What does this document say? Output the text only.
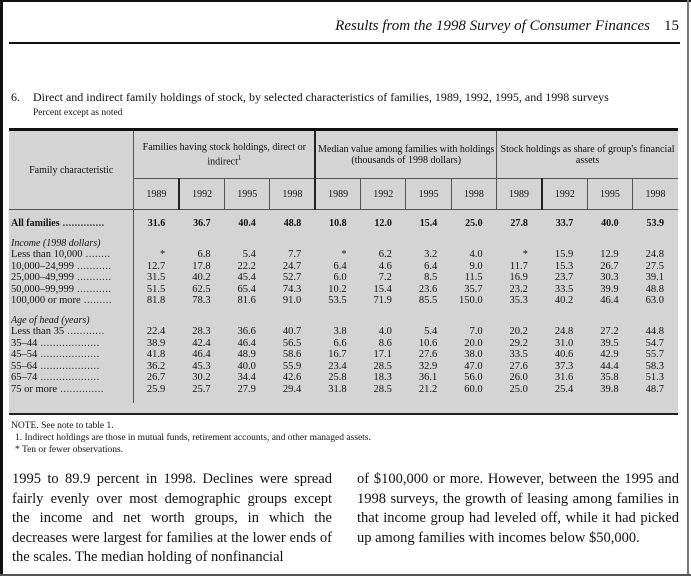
Results from the 1998 Survey of Consumer Finances 15
6. Direct and indirect family holdings of stock, by selected characteristics of families, 1989, 1992, 1995, and 1998 surveys
Percent except as noted
Family characteristic	Families having stock holdings, direct or indirect$^1$				Median value among families with holdings (thousands of 1998 dollars)				Stock holdings as share of group's financial assets			
	1989	1992	1995	1998	1989	1992	1995	1998	1989	1992	1995	1998

All families ..............	31.6	36.7	40.4	48.8	10.8	12.0	15.4	25.0	27.8	33.7	40.0	53.9

Income (1998 dollars)												
Less than 10,000 ........	*	6.8	5.4	7.7	*	6.2	3.2	4.0	*	15.9	12.9	24.8
10,000–24,999 ...........	12.7	17.8	22.2	24.7	6.4	4.6	6.4	9.0	11.7	15.3	26.7	27.5
25,000–49,999 ...........	31.5	40.2	45.4	52.7	6.0	7.2	8.5	11.5	16.9	23.7	30.3	39.1
50,000–99,999 ...........	51.5	62.5	65.4	74.3	10.2	15.4	23.6	35.7	23.2	33.5	39.9	48.8
100,000 or more .........	81.8	78.3	81.6	91.0	53.5	71.9	85.5	150.0	35.3	40.2	46.4	63.0

Age of head (years)												
Less than 35 ............	22.4	28.3	36.6	40.7	3.8	4.0	5.4	7.0	20.2	24.8	27.2	44.8
35–44 ...................	38.9	42.4	46.4	56.5	6.6	8.6	10.6	20.0	29.2	31.0	39.5	54.7
45–54 ...................	41.8	46.4	48.9	58.6	16.7	17.1	27.6	38.0	33.5	40.6	42.9	55.7
55–64 ...................	36.2	45.3	40.0	55.9	23.4	28.5	32.9	47.0	27.6	37.3	44.4	58.3
65–74 ...................	26.7	30.2	34.4	42.6	25.8	18.3	36.1	56.0	26.0	31.6	35.8	51.3
75 or more ..............	25.9	25.7	27.9	29.4	31.8	28.5	21.2	60.0	25.0	25.4	39.8	48.7

NOTE. See note to table 1.
1. Indirect holdings are those in mutual funds, retirement accounts, and other managed assets.
* Ten or fewer observations.
1995 to 89.9 percent in 1998. Declines were spread fairly evenly over most demographic groups except the income and net worth groups, in which the decreases were largest for families at the lower ends of the scales. The median holding of nonfinancial
of $100,000 or more. However, between the 1995 and 1998 surveys, the growth of leasing among families in that income group had leveled off, while it had picked up among families with incomes below $50,000.
